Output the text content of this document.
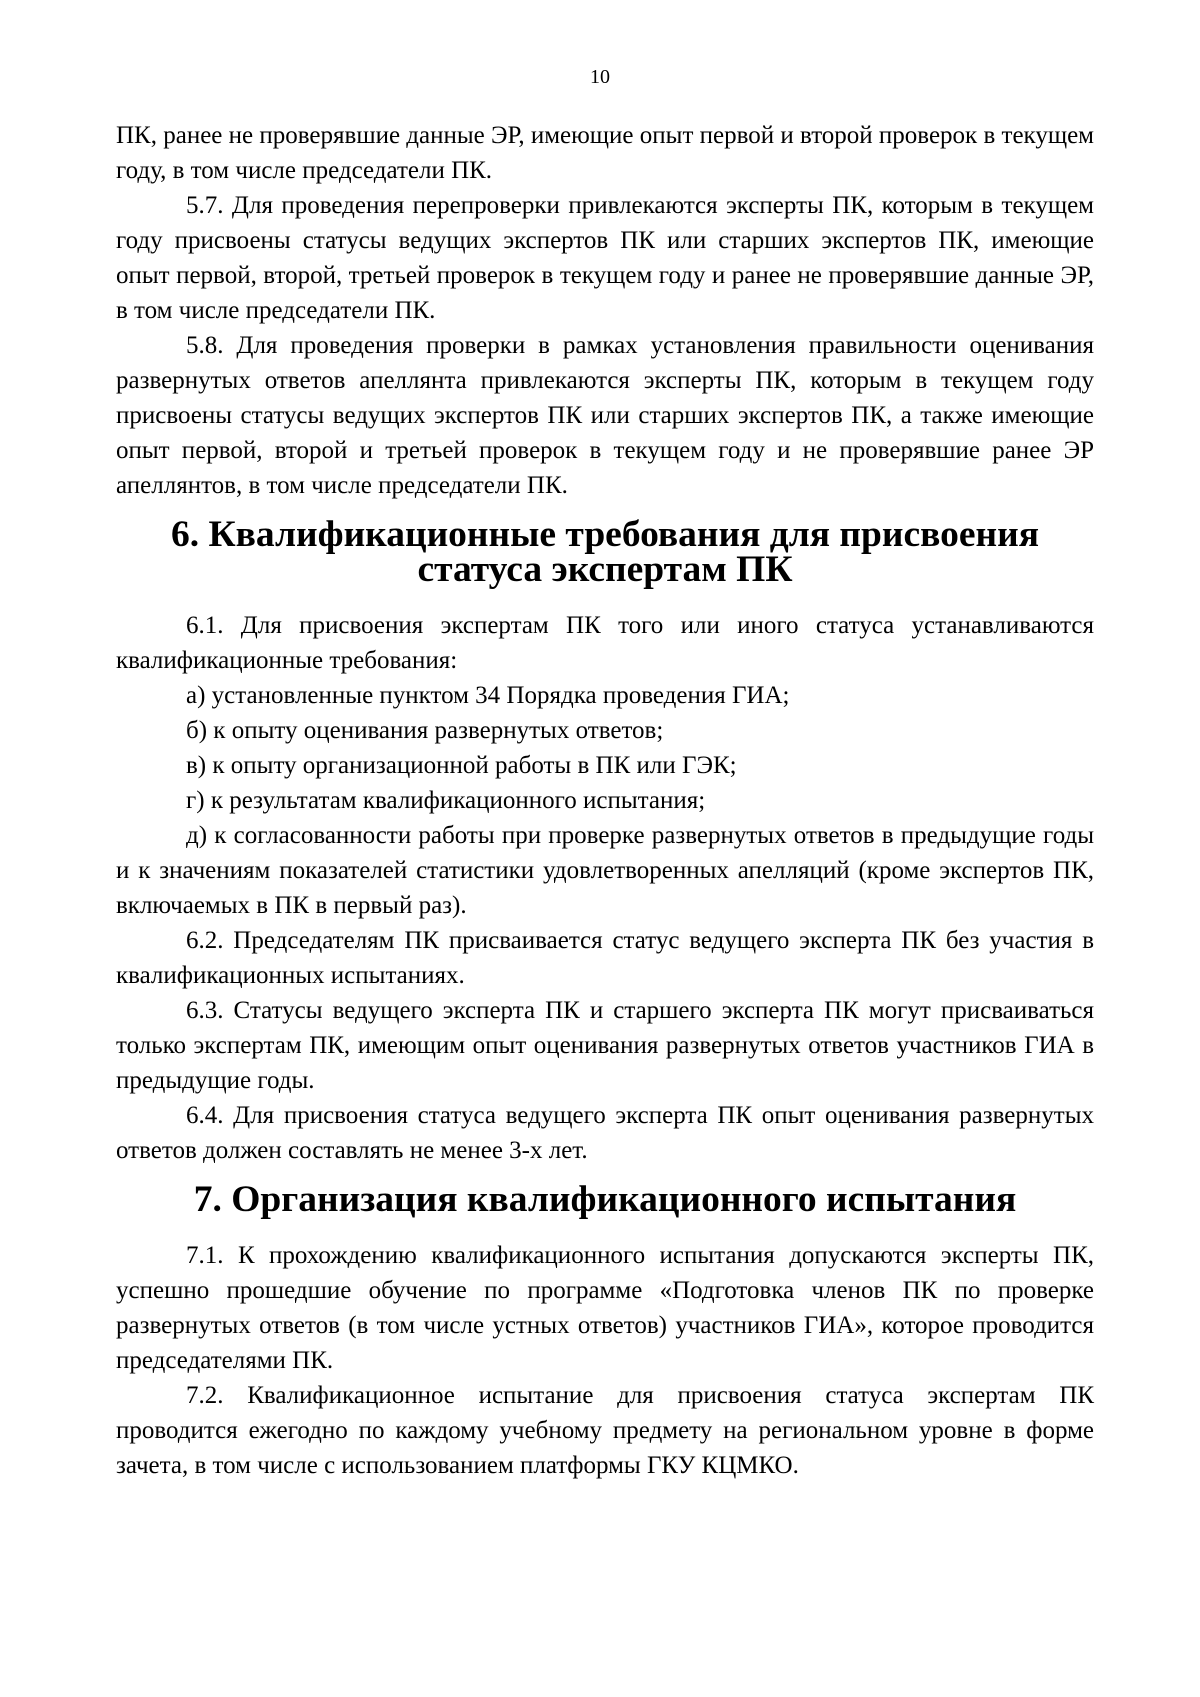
10

ПК, ранее не проверявшие данные ЭР, имеющие опыт первой и второй проверок в текущем году, в том числе председатели ПК.

5.7. Для проведения перепроверки привлекаются эксперты ПК, которым в текущем году присвоены статусы ведущих экспертов ПК или старших экспертов ПК, имеющие опыт первой, второй, третьей проверок в текущем году и ранее не проверявшие данные ЭР, в том числе председатели ПК.

5.8. Для проведения проверки в рамках установления правильности оценивания развернутых ответов апеллянта привлекаются эксперты ПК, которым в текущем году присвоены статусы ведущих экспертов ПК или старших экспертов ПК, а также имеющие опыт первой, второй и третьей проверок в текущем году и не проверявшие ранее ЭР апеллянтов, в том числе председатели ПК.

6. Квалификационные требования для присвоения статуса экспертам ПК

6.1. Для присвоения экспертам ПК того или иного статуса устанавливаются квалификационные требования:

а) установленные пунктом 34 Порядка проведения ГИА;

б) к опыту оценивания развернутых ответов;

в) к опыту организационной работы в ПК или ГЭК;

г) к результатам квалификационного испытания;

д) к согласованности работы при проверке развернутых ответов в предыдущие годы и к значениям показателей статистики удовлетворенных апелляций (кроме экспертов ПК, включаемых в ПК в первый раз).

6.2. Председателям ПК присваивается статус ведущего эксперта ПК без участия в квалификационных испытаниях.

6.3. Статусы ведущего эксперта ПК и старшего эксперта ПК могут присваиваться только экспертам ПК, имеющим опыт оценивания развернутых ответов участников ГИА в предыдущие годы.

6.4. Для присвоения статуса ведущего эксперта ПК опыт оценивания развернутых ответов должен составлять не менее 3-х лет.

7. Организация квалификационного испытания

7.1. К прохождению квалификационного испытания допускаются эксперты ПК, успешно прошедшие обучение по программе «Подготовка членов ПК по проверке развернутых ответов (в том числе устных ответов) участников ГИА», которое проводится председателями ПК.

7.2. Квалификационное испытание для присвоения статуса экспертам ПК проводится ежегодно по каждому учебному предмету на региональном уровне в форме зачета, в том числе с использованием платформы ГКУ КЦМКО.
